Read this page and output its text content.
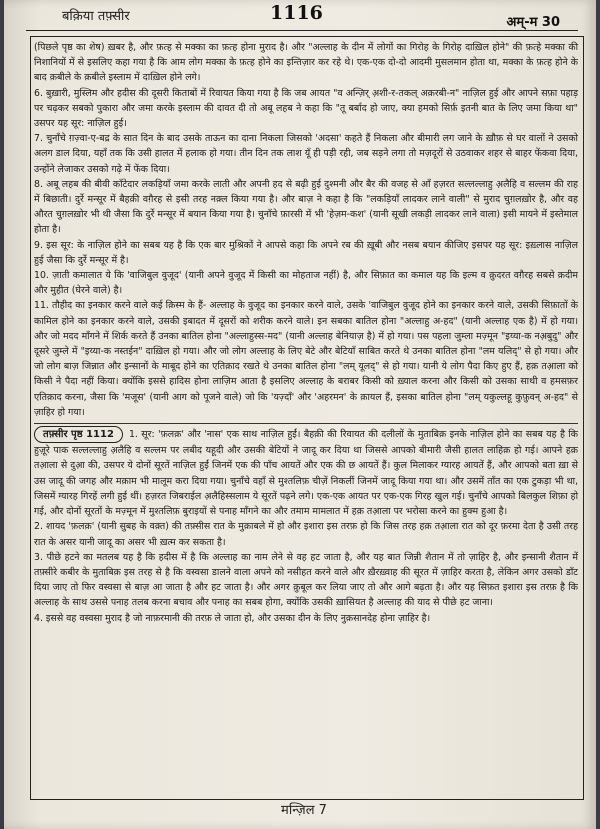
बक़िया तफ़्सीर	1116	अम्-म 30

(पिछले पृष्ठ का शेष) ख़बर है, और फ़त्ह से मक्का का फ़त्ह होना मुराद है। और "अल्लाह के दीन में लोगों का गिरोह के गिरोह दाख़िल होने" की फ़त्हे मक्का की निशानियों में से इसलिए कहा गया है कि आम लोग मक्का के फ़त्ह होने का इन्तिज़ार कर रहे थे। एक-एक दो-दो आदमी मुसलमान होता था, मक्का के फ़त्ह होने के बाद क़बीले के क़बीले इस्लाम में दाख़िल होने लगे।

6. बुख़ारी, मुस्लिम और हदीस की दूसरी किताबों में रिवायत किया गया है कि जब आयत "व अन्ज़िर् अ़शी-र-तकल् अक़रबी-न" नाज़िल हुई और आपने सफ़ा पहाड़ पर चढ़कर सबको पुकारा और जमा करके इस्लाम की दावत दी तो अबू लहब ने कहा कि "तू बर्बाद हो जाए, क्या हमको सिर्फ़ इतनी बात के लिए जमा किया था" उसपर यह सूर: नाज़िल हुई।

7. चुनाँचे ग़ज़्वा-ए-बद्र के सात दिन के बाद उसके ताऊन का दाना निकला जिसको 'अदसा' कहते हैं निकला और बीमारी लग जाने के ख़ौफ़ से घर वालों ने उसको अलग डाल दिया, यहाँ तक कि उसी हालत में हलाक हो गया। तीन दिन तक लाश यूँ ही पड़ी रही, जब सड़ने लगा तो मज़दूरों से उठवाकर शहर से बाहर फेंकवा दिया, उन्होंने लेजाकर उसको गढ़े में फेंक दिया।

8. अबू लहब की बीवी काँटेदार लकड़ियाँ जमा करके लाती और अपनी हद से बढ़ी हुई दुश्मनी और बैर की वजह से आँ हज़रत सल्लल्लाहु अ़लैहि व सल्लम की राह में बिछाती। दुर्रे मन्सूर में बैहक़ी वग़ैरह से इसी तरह नक़्ल किया गया है। और बाज़ ने कहा है कि "लकड़ियाँ लादकर लाने वाली" से मुराद चुग़लख़ोर है, और वह औरत चुग़लख़ोर भी थी जैसा कि दुर्रे मन्सूर में बयान किया गया है। चुनाँचे फ़ारसी में भी 'हेज़म-कश' (यानी सूखी लकड़ी लादकर लाने वाला) इसी मायने में इस्तेमाल होता है।

9. इस सूर: के नाज़िल होने का सबब यह है कि एक बार मुश्रिकों ने आपसे कहा कि अपने रब की ख़ूबी और नसब बयान कीजिए इसपर यह सूर: इख़्लास नाज़िल हुई जैसा कि दुर्रे मन्सूर में है।

10. ज़ाती कमालात ये कि 'वाजिबुल वुजूद' (यानी अपने वुजूद में किसी का मोहताज नहीं) है, और सिफ़ात का कमाल यह कि इल्म व क़ुदरत वग़ैरह सबसे क़दीम और मुहीत (घेरने वाले) है।

11. तौहीद का इनकार करने वाले कई क़िस्म के हैं- अल्लाह के वुजूद का इनकार करने वाले, उसके 'वाजिबुल वुजूद होने का इनकार करने वाले, उसकी सिफ़ातों के कामिल होने का इनकार करने वाले, उसकी इबादत में दूसरों को शरीक करने वाले। इन सबका बातिल होना "अल्लाहु अ-हद" (यानी अल्लाह एक है) में हो गया। और जो मदद माँगने में शिर्क करते हैं उनका बातिल होना "अल्लाहुस्स-मद" (यानी अल्लाह बेनियाज़ है) में हो गया। पस पहला जुम्ला मज़्मून "इय्या-क नअ़बुदु" और दूसरे जुम्ले में "इय्या-क नस्तईन" दाख़िल हो गया। और जो लोग अल्लाह के लिए बेटे और बेटियाँ साबित करते थे उनका बातिल होना "लम यलिद्" से हो गया। और जो लोग बाज़ जिन्नात और इन्सानों के माबूद होने का एतिक़ाद रखते थे उनका बातिल होना "लम् यूलद्" से हो गया। यानी ये लोग पैदा किए हुए हैं, हक़ तआ़ला को किसी ने पैदा नहीं किया। क्योंकि इससे हादिस होना लाज़िम आता है इसलिए अल्लाह के बराबर किसी को ख़्याल करना और किसी को उसका साथी व हमसफ़र एतिक़ाद करना, जैसा कि 'मजूस' (यानी आग को पूजने वाले) जो कि 'यज़्दाँ' और 'अहरमन' के क़ायल हैं, इसका बातिल होना "लम् यकुल्लहू कुफ़ुवन् अ-हद" से ज़ाहिर हो गया।

तफ़्सीर पृष्ठ 1112 1. सूर: 'फ़लक़' और 'नास' एक साथ नाज़िल हुईं। बैहक़ी की रिवायत की दलीलों के मुताबिक़ इनके नाज़िल होने का सबब यह है कि हुज़ूरे पाक सल्लल्लाहु अ़लैहि व सल्लम पर लबीद यहूदी और उसकी बेटियों ने जादू कर दिया था जिससे आपको बीमारी जैसी हालत लाहिक़ हो गई। आपने हक़ तआ़ला से दुआ़ की, उसपर ये दोनों सूरतें नाज़िल हुईं जिनमें एक की पाँच आयतें और एक की छ आयतें हैं। कुल मिलाकर ग्यारह आयतें हैं, और आपको बता ख़ा से उस जादू की जगह और मक़ाम भी मालूम करा दिया गया। चुनाँचे वहाँ से मुश्तलिफ़ चीज़ें निकलीं जिनमें जादू किया गया था। और उसमें ताँत का एक टुकड़ा भी था, जिसमें ग्यारह गिरहें लगी हुई थीं। हज़रत जिबराईल अ़लैहिस्सलाम ये सूरतें पढ़ने लगे। एक-एक आयत पर एक-एक गिरह खुल गई। चुनाँचे आपको बिलकुल शिफ़ा हो गई, और दोनों सूरतों के मज़्मून में मुश्तलिफ़ बुराइयों से पनाह माँगने का और तमाम मामलात में हक़ तआ़ला पर भरोसा करने का हुक्म हुआ है।

2. शायद 'फ़लक़' (यानी सुबह के वक़्त) की तफ़्सीस रात के मुक़ाबले में हो और इशारा इस तरफ़ हो कि जिस तरह हक़ तआ़ला रात को दूर फ़रमा देता है उसी तरह रात के असर यानी जादू का असर भी ख़त्म कर सकता है।

3. पीछे हटने का मतलब यह है कि हदीस में है कि अल्लाह का नाम लेने से वह हट जाता है, और यह बात जिन्नी शैतान में तो ज़ाहिर है, और इन्सानी शैतान में तफ़्सीरे कबीर के मुताबिक़ इस तरह से है कि वस्वसा डालने वाला अपने को नसीहत करने वाले और ख़ैरख़्वाह की सूरत में ज़ाहिर करता है, लेकिन अगर उसको डाँट दिया जाए तो फिर वस्वसा से बाज़ आ जाता है और हट जाता है। और अगर क़ुबूल कर लिया जाए तो और आगे बढ़ता है। और यह सिफ़त इशारा इस तरफ़ है कि अल्लाह के साथ उससे पनाह तलब करना बचाव और पनाह का सबब होगा, क्योंकि उसकी ख़ासियत है अल्लाह की याद से पीछे हट जाना।

4. इससे वह वस्वसा मुराद है जो नाफ़रमानी की तरफ़ ले जाता हो, और उसका दीन के लिए नुक़सानदेह होना ज़ाहिर है।

मन्ज़िल 7
